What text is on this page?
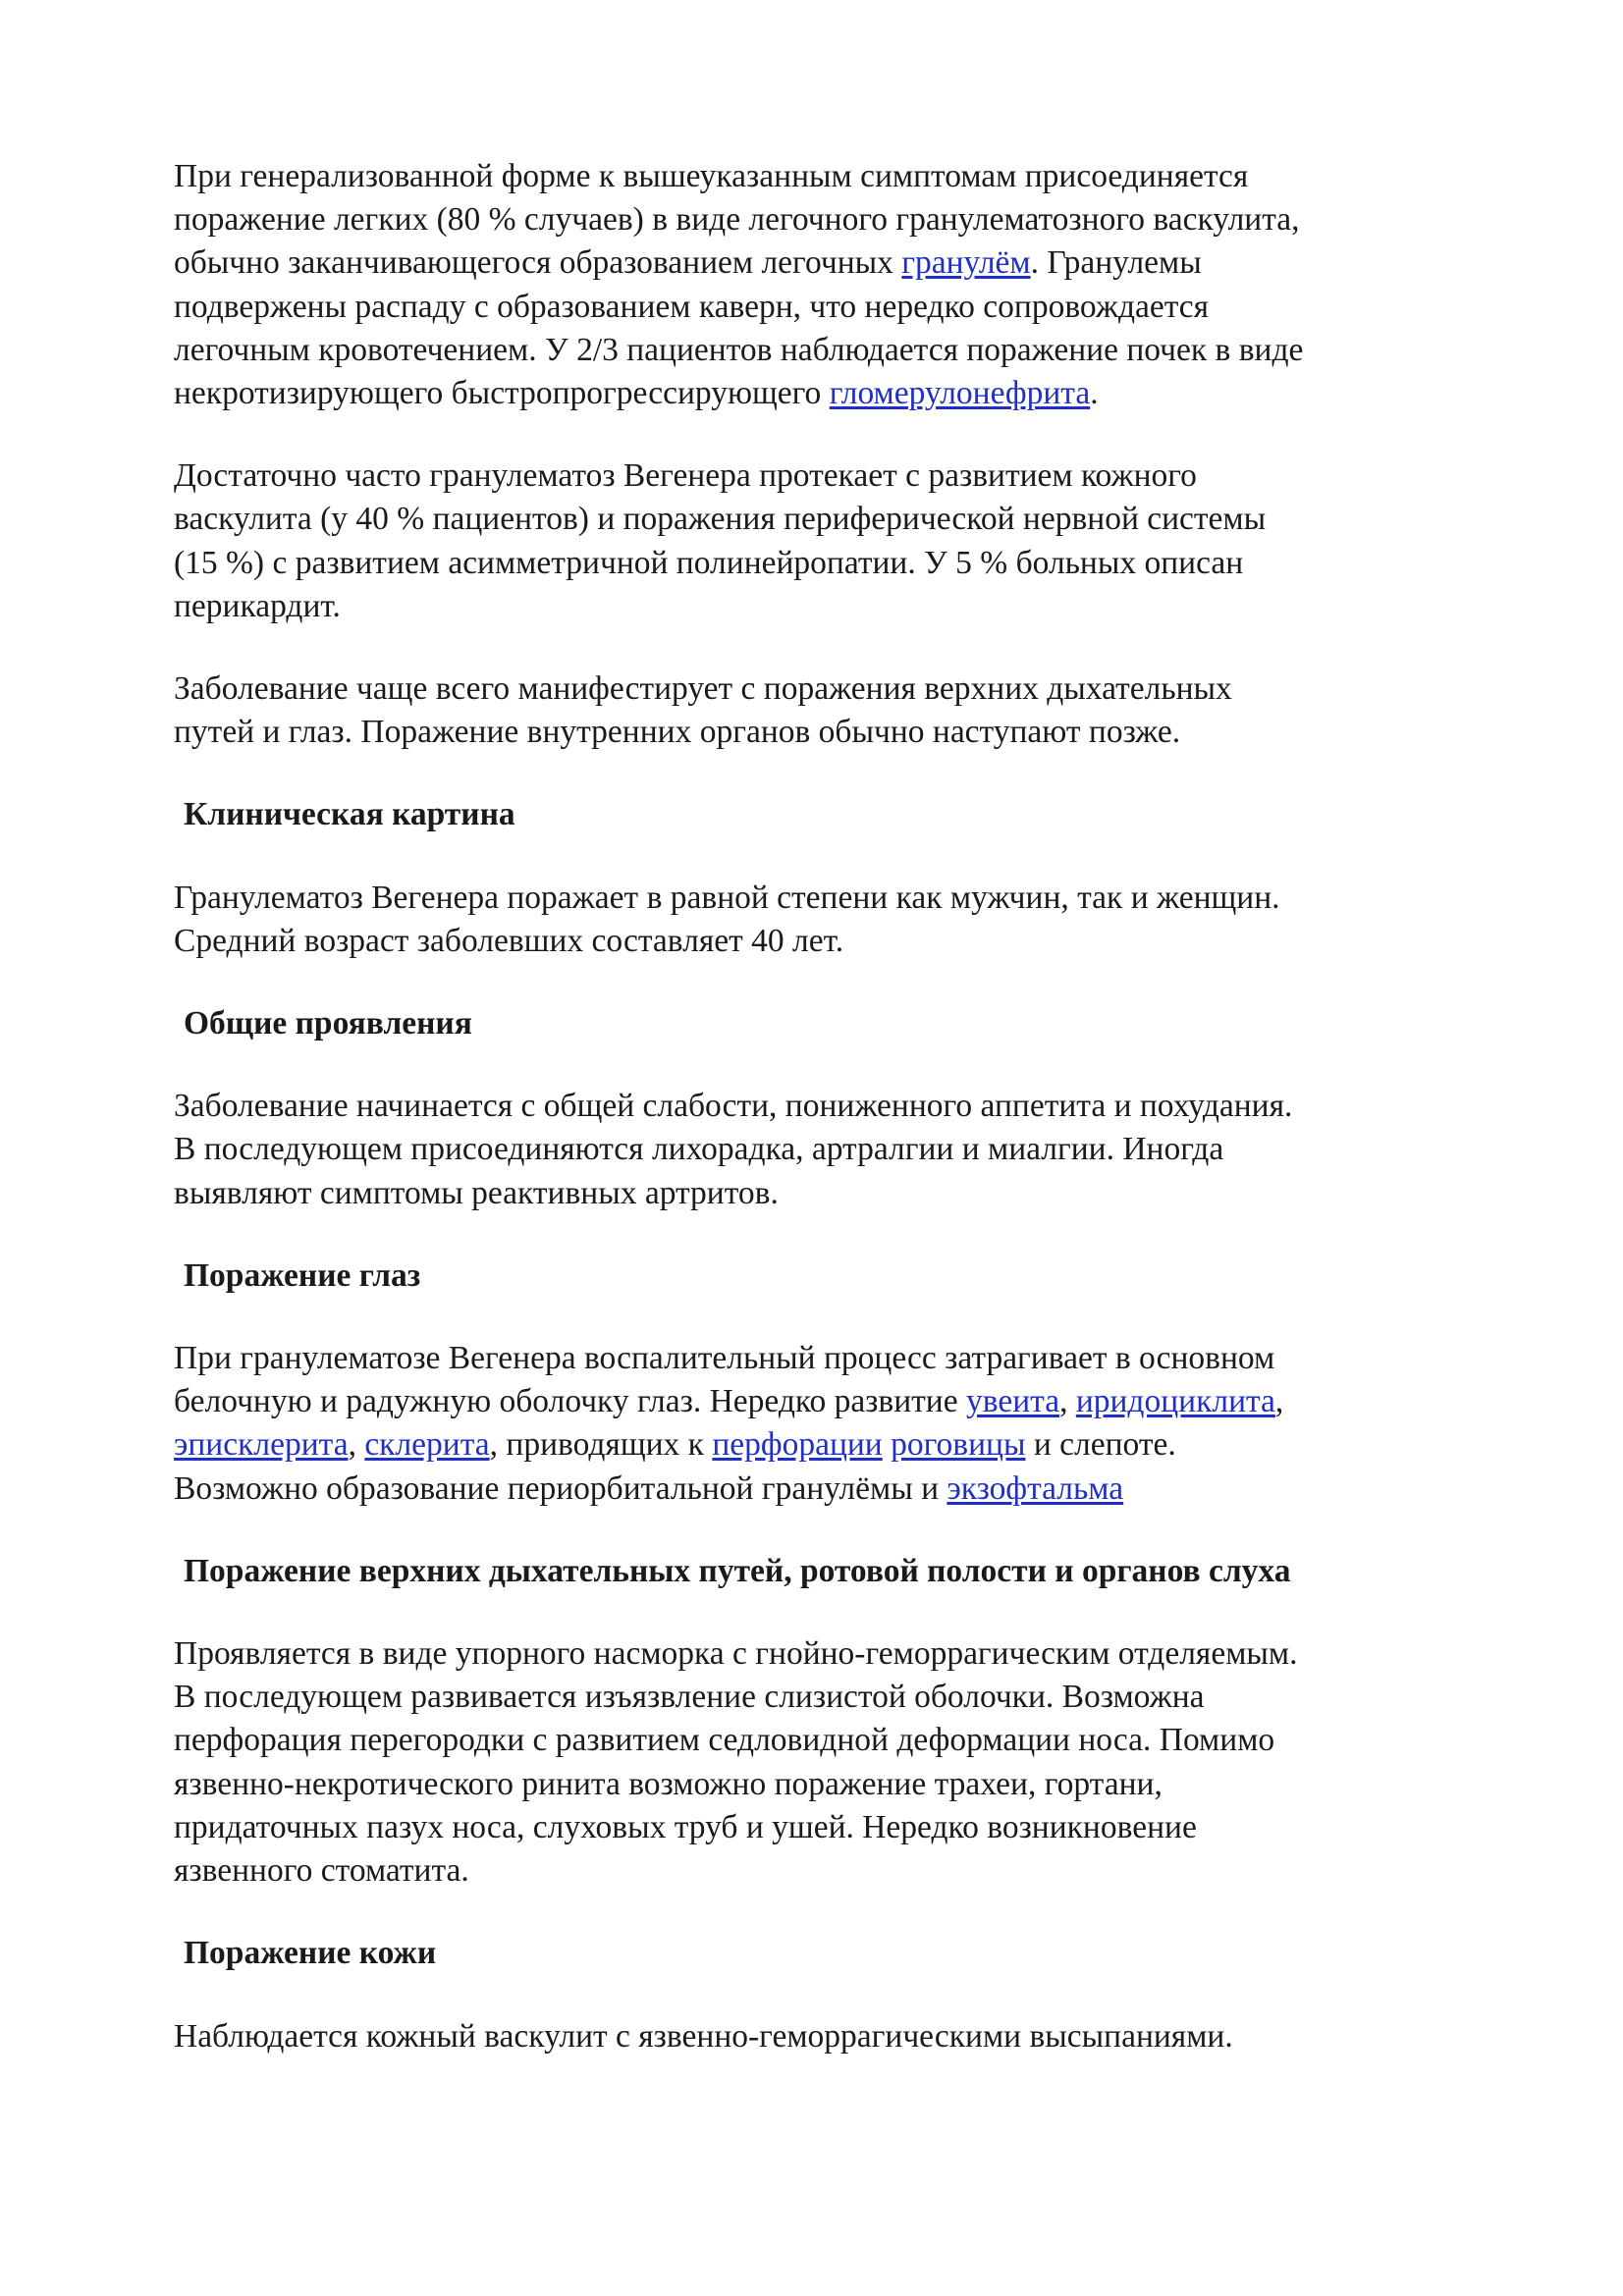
При генерализованной форме к вышеуказанным симптомам присоединяется
поражение легких (80 % случаев) в виде легочного гранулематозного васкулита,
обычно заканчивающегося образованием легочных гранулём. Гранулемы
подвержены распаду с образованием каверн, что нередко сопровождается
легочным кровотечением. У 2/3 пациентов наблюдается поражение почек в виде
некротизирующего быстропрогрессирующего гломерулонефрита.
Достаточно часто гранулематоз Вегенера протекает с развитием кожного
васкулита (у 40 % пациентов) и поражения периферической нервной системы
(15 %) с развитием асимметричной полинейропатии. У 5 % больных описан
перикардит.
Заболевание чаще всего манифестирует с поражения верхних дыхательных
путей и глаз. Поражение внутренних органов обычно наступают позже.
Клиническая картина
Гранулематоз Вегенера поражает в равной степени как мужчин, так и женщин.
Средний возраст заболевших составляет 40 лет.
Общие проявления
Заболевание начинается с общей слабости, пониженного аппетита и похудания.
В последующем присоединяются лихорадка, артралгии и миалгии. Иногда
выявляют симптомы реактивных артритов.
Поражение глаз
При гранулематозе Вегенера воспалительный процесс затрагивает в основном
белочную и радужную оболочку глаз. Нередко развитие увеита, иридоциклита,
эписклерита, склерита, приводящих к перфорации роговицы и слепоте.
Возможно образование периорбитальной гранулёмы и экзофтальма
Поражение верхних дыхательных путей, ротовой полости и органов слуха
Проявляется в виде упорного насморка с гнойно-геморрагическим отделяемым.
В последующем развивается изъязвление слизистой оболочки. Возможна
перфорация перегородки с развитием седловидной деформации носа. Помимо
язвенно-некротического ринита возможно поражение трахеи, гортани,
придаточных пазух носа, слуховых труб и ушей. Нередко возникновение
язвенного стоматита.
Поражение кожи
Наблюдается кожный васкулит с язвенно-геморрагическими высыпаниями.
